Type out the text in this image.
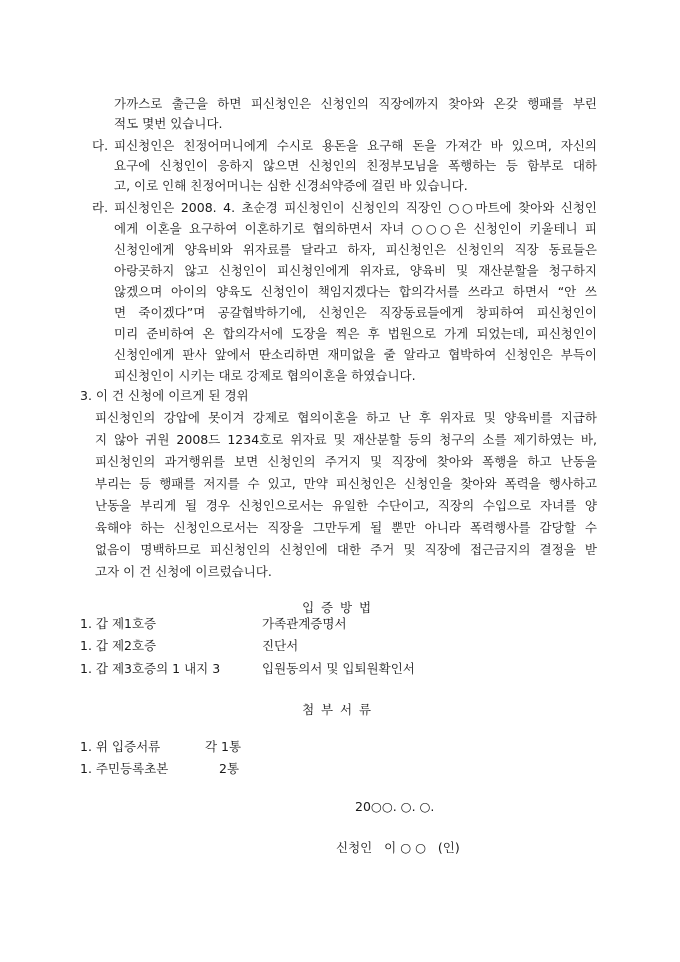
가까스로 출근을 하면 피신청인은 신청인의 직장에까지 찾아와 온갖 행패를 부린
적도 몇번 있습니다.
다. 피신청인은 친정어머니에게 수시로 용돈을 요구해 돈을 가져간 바 있으며, 자신의
요구에 신청인이 응하지 않으면 신청인의 친정부모님을 폭행하는 등 함부로 대하
고, 이로 인해 친정어머니는 심한 신경쇠약증에 걸린 바 있습니다.
라. 피신청인은 2008. 4. 초순경 피신청인이 신청인의 직장인 ○○마트에 찾아와 신청인
에게 이혼을 요구하여 이혼하기로 협의하면서 자녀 ○○○은 신청인이 키울테니 피
신청인에게 양육비와 위자료를 달라고 하자, 피신청인은 신청인의 직장 동료들은
아랑곳하지 않고 신청인이 피신청인에게 위자료, 양육비 및 재산분할을 청구하지
않겠으며 아이의 양육도 신청인이 책임지겠다는 합의각서를 쓰라고 하면서 “안 쓰
면 죽이겠다”며 공갈협박하기에, 신청인은 직장동료들에게 창피하여 피신청인이
미리 준비하여 온 합의각서에 도장을 찍은 후 법원으로 가게 되었는데, 피신청인이
신청인에게 판사 앞에서 딴소리하면 재미없을 줄 알라고 협박하여 신청인은 부득이
피신청인이 시키는 대로 강제로 협의이혼을 하였습니다.
3. 이 건 신청에 이르게 된 경위
피신청인의 강압에 못이겨 강제로 협의이혼을 하고 난 후 위자료 및 양육비를 지급하
지 않아 귀원 2008드 1234호로 위자료 및 재산분할 등의 청구의 소를 제기하였는 바,
피신청인의 과거행위를 보면 신청인의 주거지 및 직장에 찾아와 폭행을 하고 난동을
부리는 등 행패를 저지를 수 있고, 만약 피신청인은 신청인을 찾아와 폭력을 행사하고
난동을 부리게 될 경우 신청인으로서는 유일한 수단이고, 직장의 수입으로 자녀를 양
육해야 하는 신청인으로서는 직장을 그만두게 될 뿐만 아니라 폭력행사를 감당할 수
없음이 명백하므로 피신청인의 신청인에 대한 주거 및 직장에 접근금지의 결정을 받
고자 이 건 신청에 이르렀습니다.
입증방법
1. 갑 제1호증	가족관계증명서
1. 갑 제2호증	진단서
1. 갑 제3호증의 1 내지 3	입원동의서 및 입퇴원확인서
첨부서류
1. 위 입증서류	각 1통
1. 주민등록초본	2통
20○○. ○. ○.
신청인   이 ○ ○   (인)
